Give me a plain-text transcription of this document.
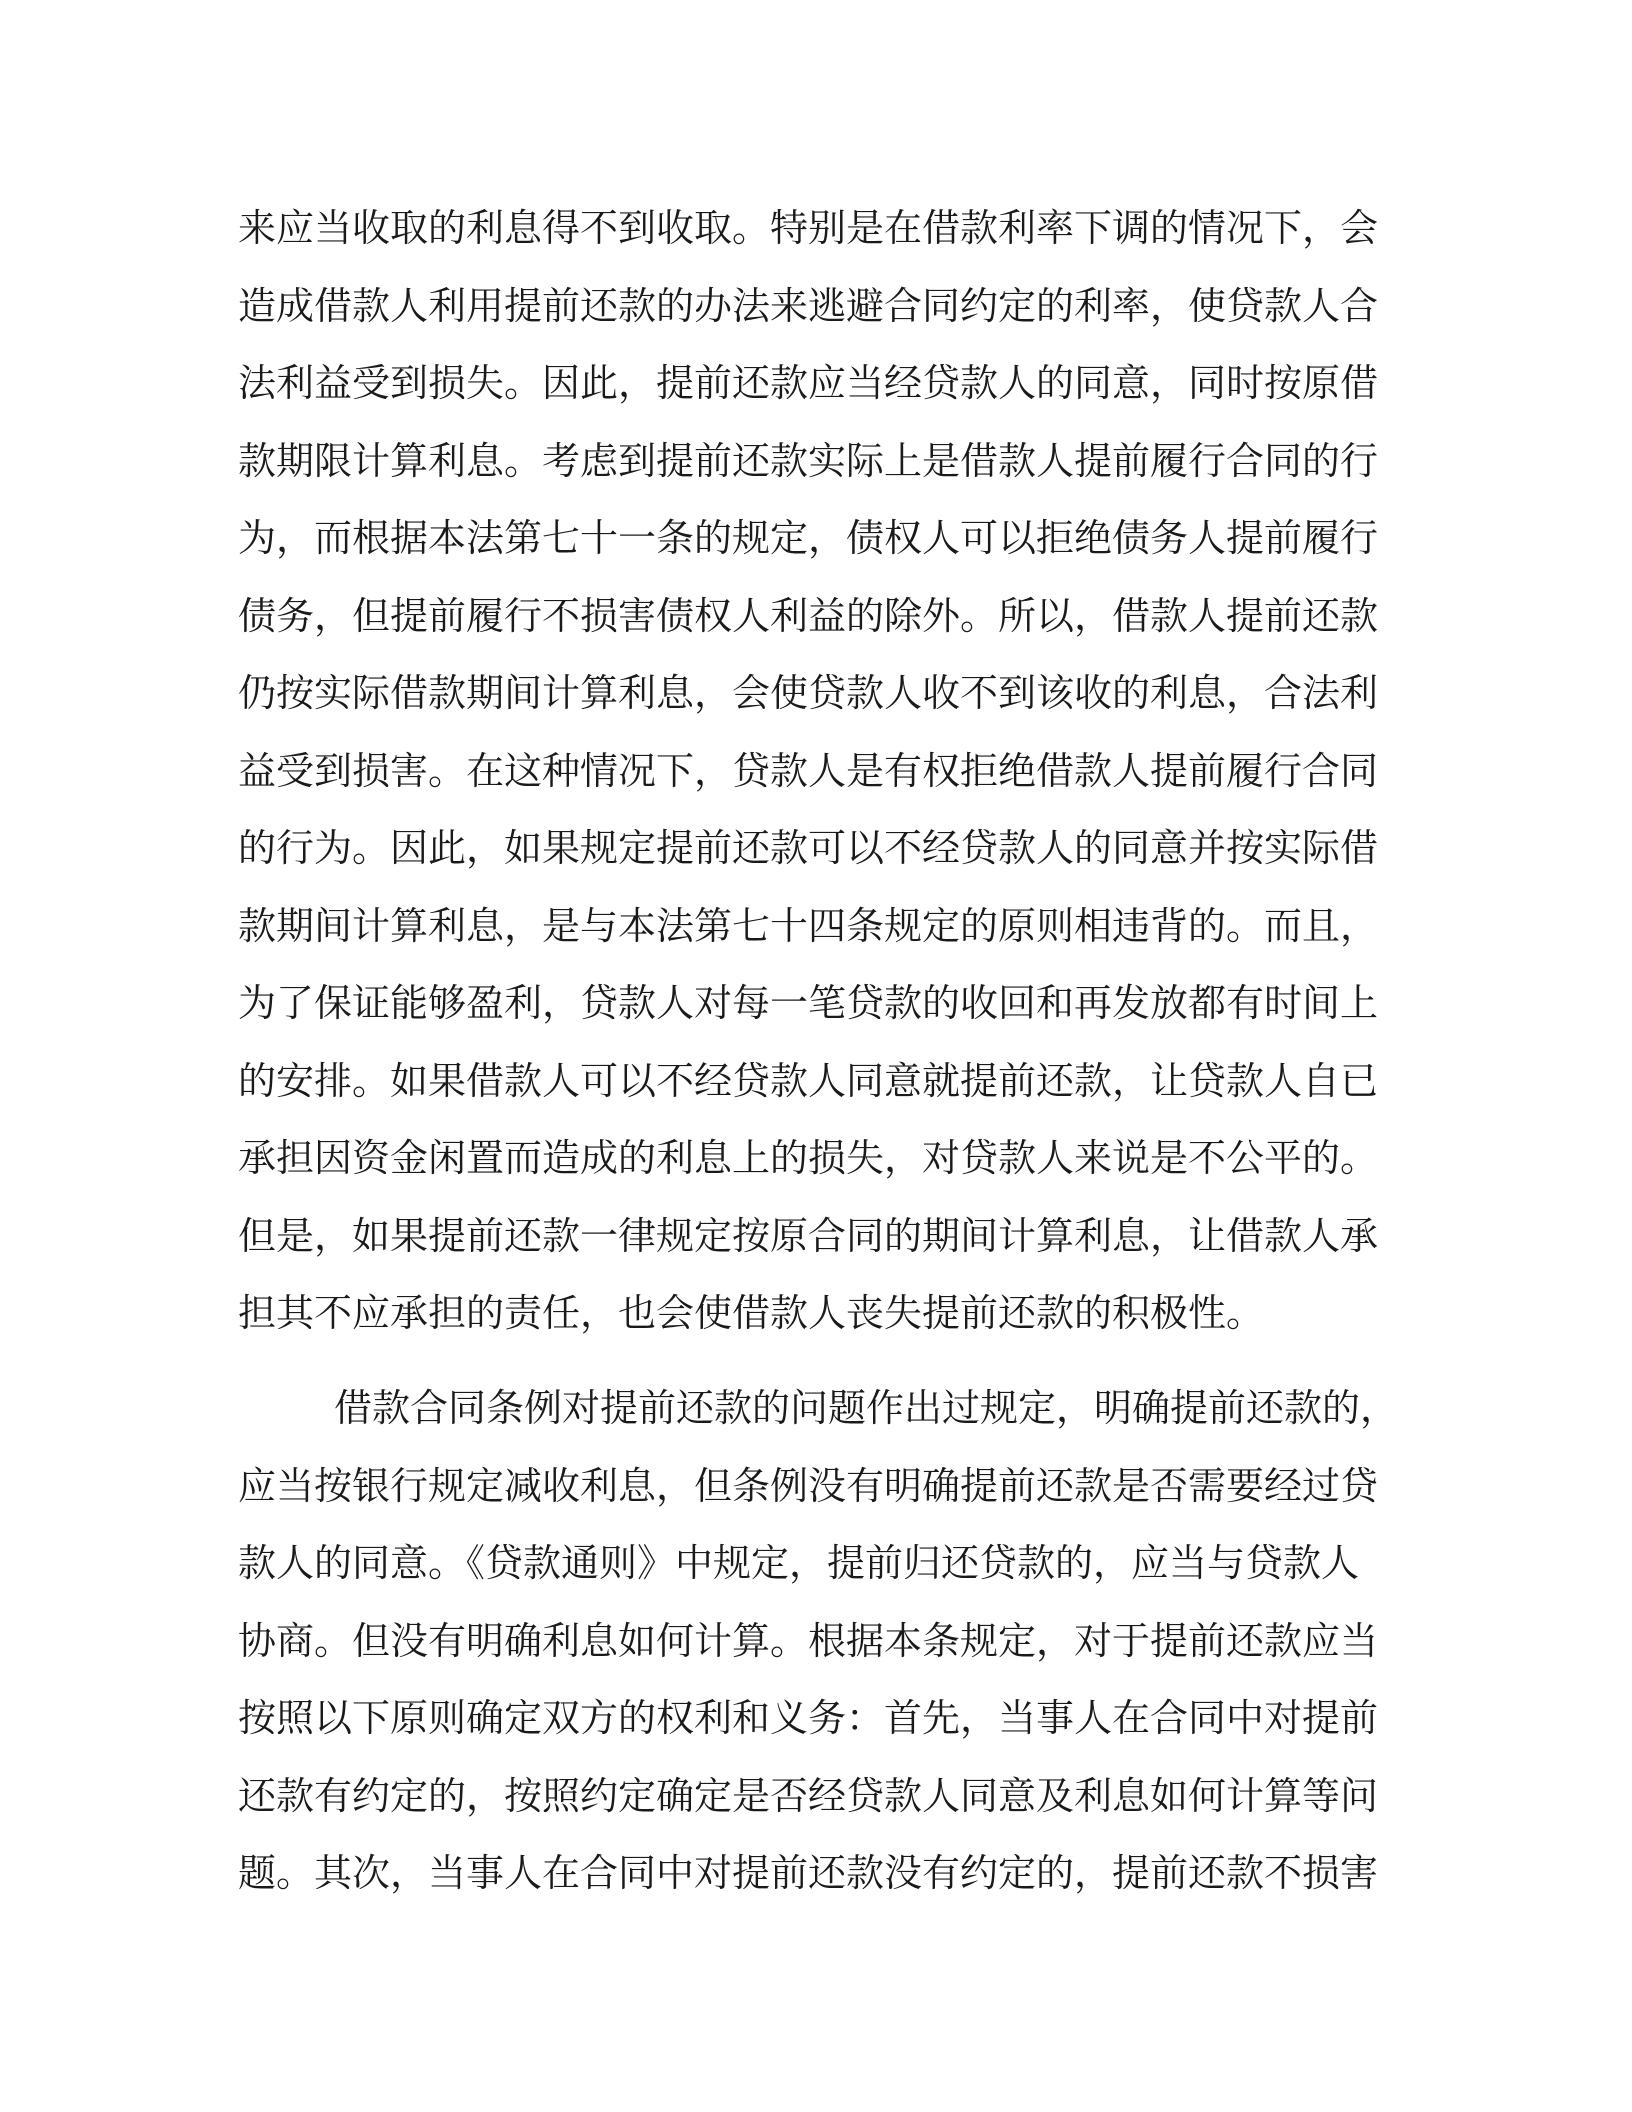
来应当收取的利息得不到收取。特别是在借款利率下调的情况下，会
造成借款人利用提前还款的办法来逃避合同约定的利率，使贷款人合
法利益受到损失。因此，提前还款应当经贷款人的同意，同时按原借
款期限计算利息。考虑到提前还款实际上是借款人提前履行合同的行
为，而根据本法第七十一条的规定，债权人可以拒绝债务人提前履行
债务，但提前履行不损害债权人利益的除外。所以，借款人提前还款
仍按实际借款期间计算利息，会使贷款人收不到该收的利息，合法利
益受到损害。在这种情况下，贷款人是有权拒绝借款人提前履行合同
的行为。因此，如果规定提前还款可以不经贷款人的同意并按实际借
款期间计算利息，是与本法第七十四条规定的原则相违背的。而且，
为了保证能够盈利，贷款人对每一笔贷款的收回和再发放都有时间上
的安排。如果借款人可以不经贷款人同意就提前还款，让贷款人自已
承担因资金闲置而造成的利息上的损失，对贷款人来说是不公平的。
但是，如果提前还款一律规定按原合同的期间计算利息，让借款人承
担其不应承担的责任，也会使借款人丧失提前还款的积极性。
借款合同条例对提前还款的问题作出过规定，明确提前还款的，
应当按银行规定减收利息，但条例没有明确提前还款是否需要经过贷
款人的同意。《贷款通则》中规定，提前归还贷款的，应当与贷款人
协商。但没有明确利息如何计算。根据本条规定，对于提前还款应当
按照以下原则确定双方的权利和义务：首先，当事人在合同中对提前
还款有约定的，按照约定确定是否经贷款人同意及利息如何计算等问
题。其次，当事人在合同中对提前还款没有约定的，提前还款不损害
